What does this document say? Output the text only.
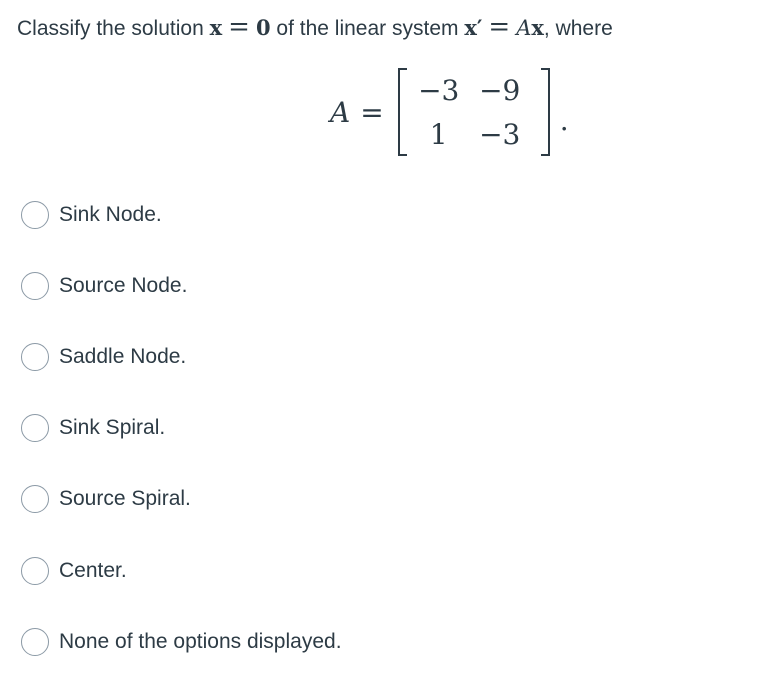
Classify the solution x = 0 of the linear system x′ = Ax, where
A =
−3 −9
1 −3 .
Sink Node.
Source Node.
Saddle Node.
Sink Spiral.
Source Spiral.
Center.
None of the options displayed.
